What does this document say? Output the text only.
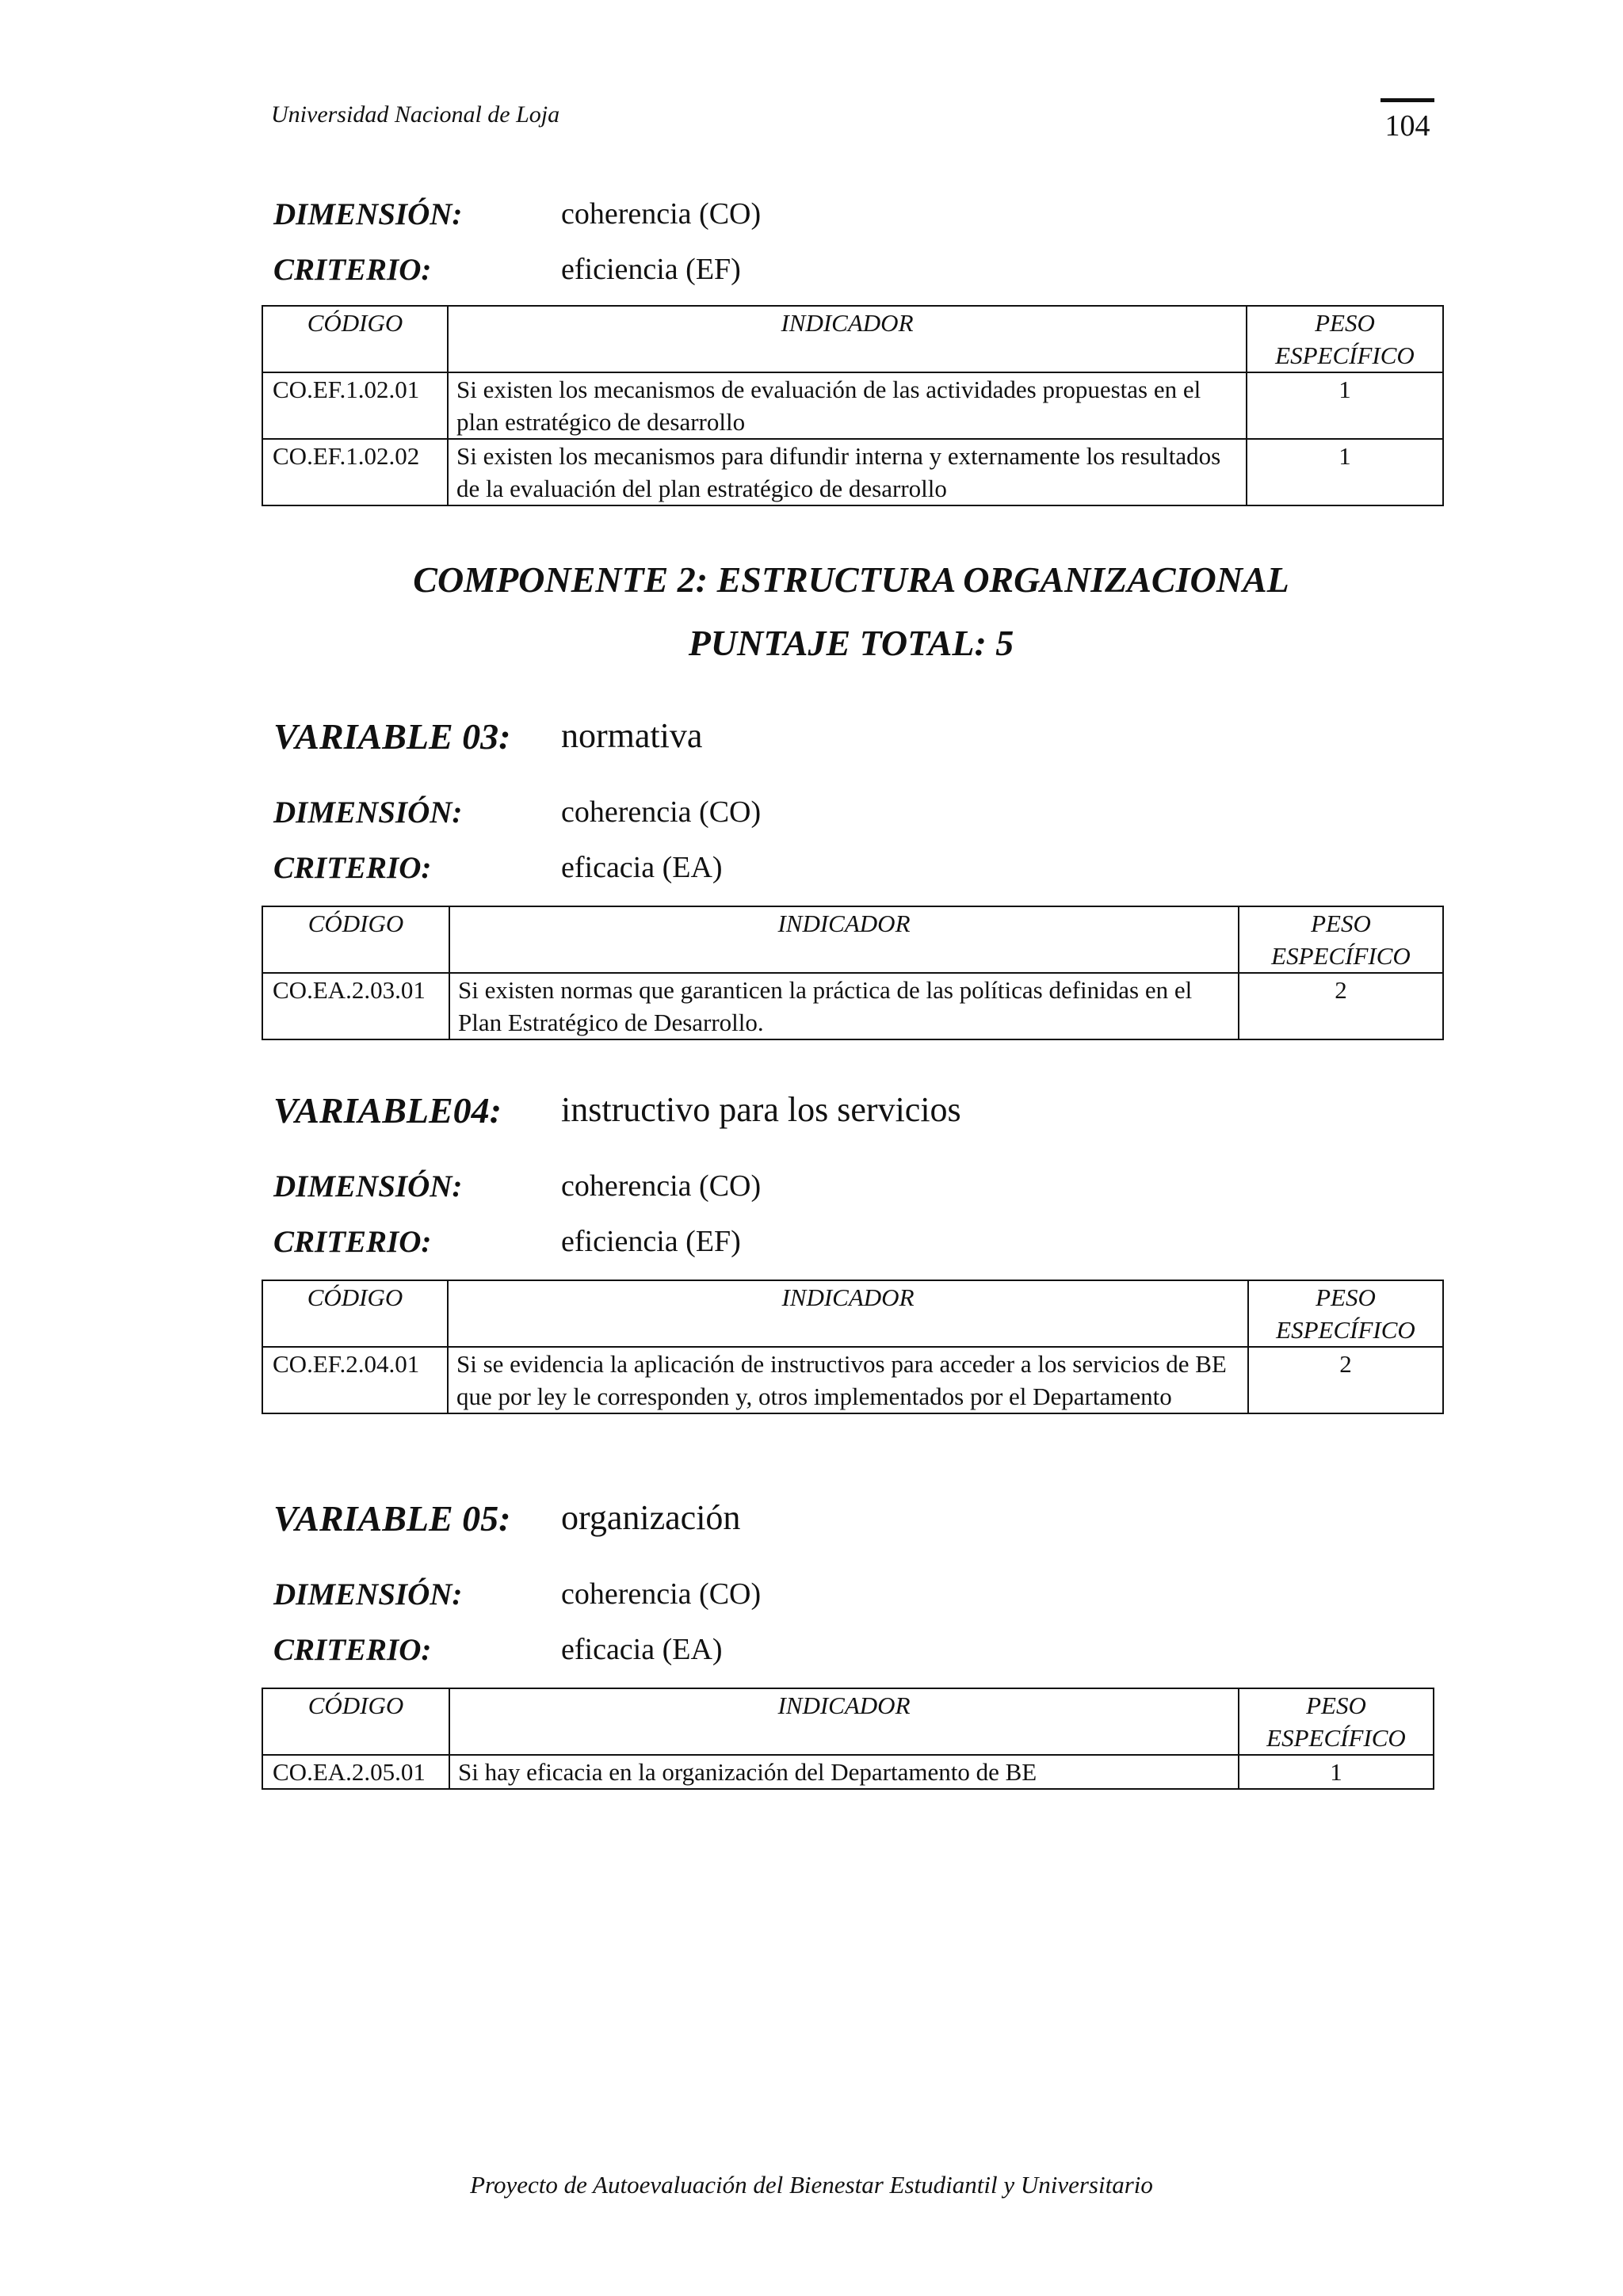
Universidad Nacional de Loja	104
DIMENSIÓN:	coherencia (CO)
CRITERIO:	eficiencia (EF)
CÓDIGO	INDICADOR	PESO
ESPECÍFICO
CO.EF.1.02.01	Si existen los mecanismos de evaluación de las actividades propuestas en el plan estratégico de desarrollo	1
CO.EF.1.02.02	Si existen los mecanismos para difundir interna y externamente los resultados de la evaluación del plan estratégico de desarrollo	1
COMPONENTE 2: ESTRUCTURA ORGANIZACIONAL
PUNTAJE TOTAL: 5
VARIABLE 03: normativa
DIMENSIÓN:	coherencia (CO)
CRITERIO:	eficacia (EA)
CÓDIGO	INDICADOR	PESO
ESPECÍFICO
CO.EA.2.03.01	Si existen normas que garanticen la práctica de las políticas definidas en el Plan Estratégico de Desarrollo.	2
VARIABLE04: instructivo para los servicios
DIMENSIÓN:	coherencia (CO)
CRITERIO:	eficiencia (EF)
CÓDIGO	INDICADOR	PESO
ESPECÍFICO
CO.EF.2.04.01	Si se evidencia la aplicación de instructivos para acceder a los servicios de BE que por ley le corresponden y, otros implementados por el Departamento	2
VARIABLE 05: organización
DIMENSIÓN:	coherencia (CO)
CRITERIO:	eficacia (EA)
CÓDIGO	INDICADOR	PESO
ESPECÍFICO
CO.EA.2.05.01	Si hay eficacia en la organización del Departamento de BE	1
Proyecto de Autoevaluación del Bienestar Estudiantil y Universitario
